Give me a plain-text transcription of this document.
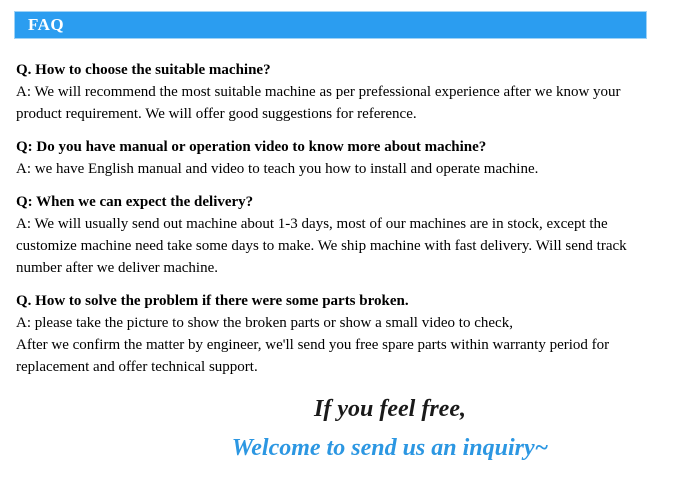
FAQ

Q. How to choose the suitable machine?

A: We will recommend the most suitable machine as per prefessional experience after we know your product requirement. We will offer good suggestions for reference.

Q: Do you have manual or operation video to know more about machine?

A: we have English manual and video to teach you how to install and operate machine.

Q: When we can expect the delivery?

A: We will usually send out machine about 1-3 days, most of our machines are in stock, except the customize machine need take some days to make. We ship machine with fast delivery. Will send track number after we deliver machine.

Q. How to solve the problem if there were some parts broken.

A: please take the picture to show the broken parts or show a small video to check,

After we confirm the matter by engineer, we'll send you free spare parts within warranty period for replacement and offer technical support.

If you feel free,

Welcome to send us an inquiry~
